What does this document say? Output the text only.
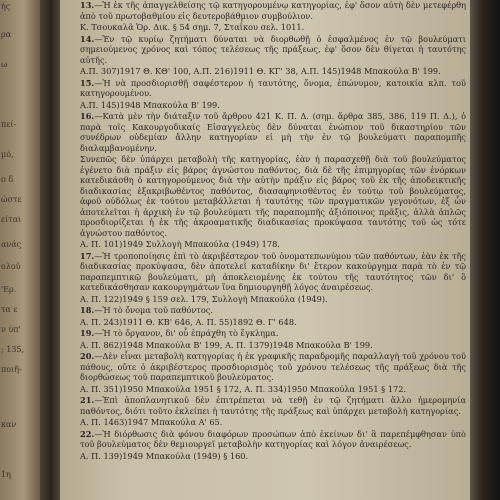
ής
ρα
ω
πεί-
μό,
ο δ
ώστε
είται
ανάς
ολοῦ
'Ερ.
τα ε
ν ύπ'
; 135,
ποιῆ-
καν
1η
13.—Ἡ ἐκ τῆς ἀπαγγελθείσης τῷ κατηγορουμένῳ κατηγορίας, ἐφ' ὅσον αὐτὴ δὲν μετεφέρθη ἀπὸ τοῦ πρωτοβαθμίου εἰς δευτεροβάθμιον συμβούλιον.
Κ. Τσουκαλᾶ Ὁρ. Δικ. § 54 σημ. 7, Σταΐκου σελ. 1011.
14.—Ἐν τῷ κυρίῳ ζητήματι δύναται νὰ διορθωθῇ ὁ ἐσφαλμένος ἐν τῷ βουλεύματι σημειούμενος χρόνος καὶ τόπος τελέσεως τῆς πράξεως, ἐφ' ὅσον δὲν θίγεται ἡ ταυτότης αὐτῆς.
Α.Π. 307)1917 Θ. ΚΘ' 100, Α.Π. 216)1911 Θ. ΚΓ' 38, Α.Π. 145)1948 Μπακούλα Β' 199.
15.—Ἡ νὰ προσδιορισθῇ σαφέστερον ἡ ταυτότης, ὄνομα, ἐπώνυμον, κατοικία κλπ. τοῦ κατηγορουμένου.
Α.Π. 145)1948 Μπακούλα Β' 199.
16.—Κατὰ μὲν τὴν διάταξιν τοῦ ἄρθρου 421 Κ. Π. Δ. (σημ. ἄρθρα 385, 386, 119 Π. Δ.), ὁ παρὰ τοῖς Κακουργοδικαίς Εἰσαγγελεὺς δὲν δύναται ἐνώπιον τοῦ δικαστηρίου τῶν συνέδρων οὐδεμίαν ἄλλην κατηγορίαν εἰ μὴ τὴν ἐν τῷ βουλεύματι παραπομπῆς διαλαμβανομένην.
Συνεπῶς δὲν ὑπάρχει μεταβολὴ τῆς κατηγορίας, ἐὰν ἡ παρασχεθῇ διὰ τοῦ βουλεύματος ἐγένετο διὰ πράξιν εἰς βάρος ἀγνώστου παθόντος, διὰ δὲ τῆς ἐπιμηγορίας τῶν ἐνόρκων κατεδικάσθη ὁ κατηγορούμενος διὰ τὴν αὐτὴν πράξιν εἰς βάρος τοῦ ἐκ τῆς ἀποδεικτικῆς διαδικασίας ἐξακριβωθέντος παθόντος, διασαφηνισθέντος ἐν τούτῳ τοῦ βουλεύματος, ἀφοῦ οὐδόλως ἐκ τούτου μεταβάλλεται ἡ ταυτότης τῶν πραγματικῶν γεγονότων, ἐξ ὧν ἀποτελεῖται ἡ ἀρχικὴ ἐν τῷ βουλεύματι τῆς παραπομπῆς ἀξιόποινος πρᾶξις, ἀλλὰ ἁπλῶς προσδιορίζεται ἡ ἐκ τῆς ἀκροαματικῆς διαδικασίας προκύψασα ταυτότης τοῦ ὡς τότε ἀγνώστου παθόντος.
Α. Π. 101)1949 Συλλογὴ Μπακούλα (1949) 178.
17.—Ἡ τροποποίησις ἐπὶ τὸ ἀκριβέστερον τοῦ ὀνοματεπωνύμου τῶν παθόντων, ἐὰν ἐκ τῆς διαδικασίας προκύψασα, δὲν ἀποτελεῖ καταδίκην δι' ἕτερον κακούργημα παρὰ τὸ ἐν τῷ παραπεμπτικῷ βουλεύματι, μὴ ἀποκλειομένης ἐκ τούτου τῆς ταυτότητος τῶν δι' ὃ κατεδικάσθησαν κακουργημάτων ἵνα δημιουργηθῇ λόγος ἀναιρέσεως.
Α. Π. 122)1949 § 159 σελ. 179, Συλλογὴ Μπακούλα (1949).
18.—Ἡ τὸ ὄνομα τοῦ παθόντος.
Α. Π. 243)1911 Θ. ΚΒ' 646, Α. Π. 55)1892 Θ. Γ' 648.
19.—Ἡ τὸ ὄργανον, δι' οὗ ἐπράχθη τὸ ἔγκλημα.
Α. Π. 862)1948 Μπακούλα Β' 199, Α. Π. 1379)1948 Μπακούλα Β' 199.
20.—Δὲν εἶναι μεταβολὴ κατηγορίας ἡ ἐκ γραφικῆς παραδρομῆς παραλλαγὴ τοῦ χρόνου τοῦ πάθους, οὔτε ὁ ἀκριβέστερος προσδιορισμὸς τοῦ χρόνου τελέσεως τῆς πράξεως διὰ τῆς διορθώσεως τοῦ παραπεμπτικοῦ βουλεύματος.
Α. Π. 351)1950 Μπακούλα 1951 § 172, Α. Π. 334)1950 Μπακούλα 1951 § 172.
21.—Ἐπὶ ἀποπλανητικοῦ δὲν ἐπιτρέπεται νὰ τεθῇ ἐν τῷ ζητήματι ἄλλο ἡμερομηνία παθόντος, διότι τοῦτο ἐκλείπει ἡ ταυτότης τῆς πράξεως καὶ ὑπάρχει μεταβολὴ κατηγορίας.
Α. Π. 1463)1947 Μπακούλα Α' 65.
22.—Ἡ διόρθωσις διὰ φόνου διαφόρων προσώπων ἀπὸ ἐκείνων δι' ἃ παρεπέμφθησαν ὑπὸ τοῦ βουλεύματος δὲν θεμιουργεῖ μεταβολὴν κατηγορίας καὶ λόγον ἀναιρέσεως.
Α. Π. 139)1949 Μπακούλα (1949) § 160.
